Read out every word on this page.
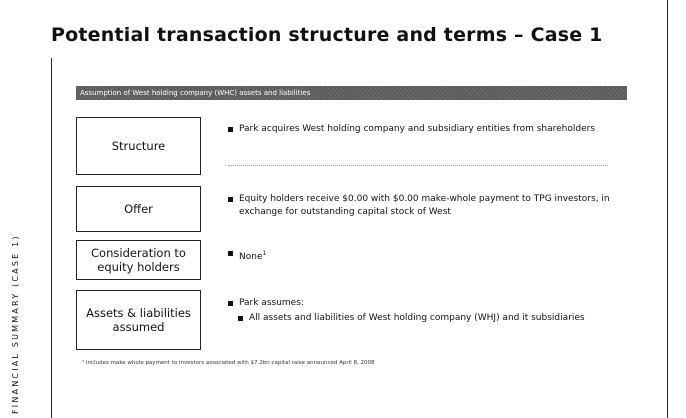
Potential transaction structure and terms – Case 1
FINANCIAL SUMMARY (CASE 1)
Assumption of West holding company (WHC) assets and liabilities
Structure
Park acquires West holding company and subsidiary entities from shareholders
Offer
Equity holders receive $0.00 with $0.00 make-whole payment to TPG investors, in exchange for outstanding capital stock of West
Consideration to equity holders
None$^1$
Assets & liabilities assumed
Park assumes:
All assets and liabilities of West holding company (WHJ) and it subsidiaries
¹ Includes make whole payment to investors associated with $7.2bn capital raise announced April 8, 2008
